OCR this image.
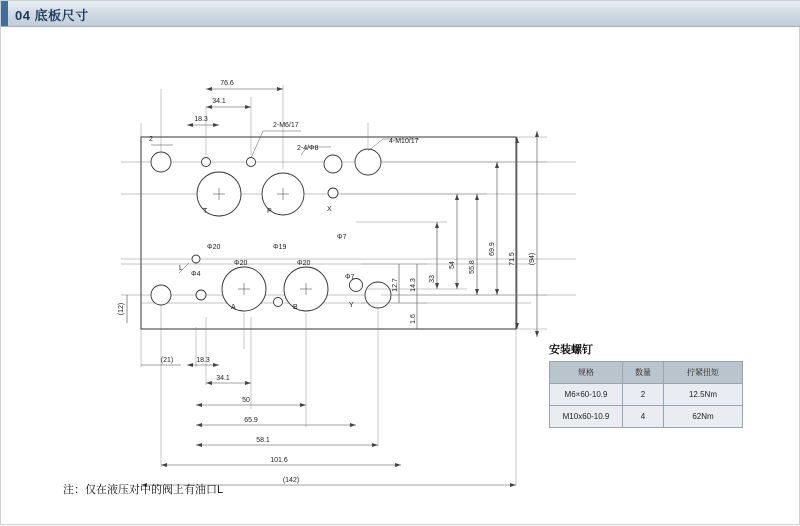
04 底板尺寸
76.6
34.1
18.3
2
2-M6/17
2-4/Φ8
4-M10/17
T	P	X
A	B	Y
L
Φ20	Φ19
Φ7
Φ4
Φ20	Φ20
Φ7
69.9
71.5 (94)
55.8
54
33
14.3
12.7
1.6
(12)
(21)	18.3
34.1
50
65.9
58.1
101.6
(142)
安装螺钉
规格	数量	拧紧扭矩
M6×60-10.9	2	12.5Nm
M10x60-10.9	4	62Nm
注：仅在液压对中的阀上有油口L
